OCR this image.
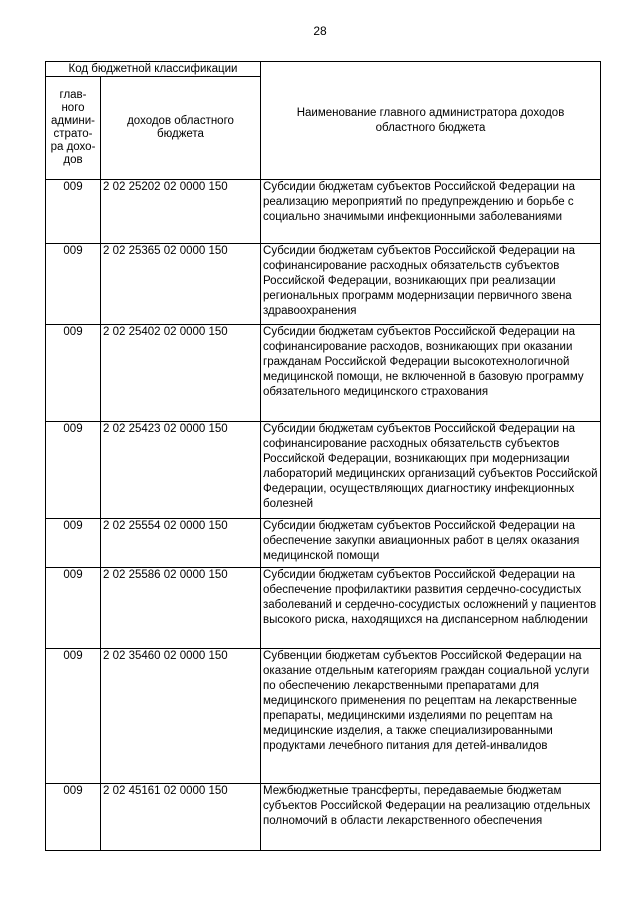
28
Код бюджетной классификации		Наименование главного администратора доходов областного бюджета
глав-ного админи-страто-ра дохо-дов	доходов областного бюджета	
009	2 02 25202 02 0000 150	Субсидии бюджетам субъектов Российской Федерации на реализацию мероприятий по предупреждению и борьбе с социально значимыми инфекционными заболеваниями
009	2 02 25365 02 0000 150	Субсидии бюджетам субъектов Российской Федерации на софинансирование расходных обязательств субъектов Российской Федерации, возникающих при реализации региональных программ модернизации первичного звена здравоохранения
009	2 02 25402 02 0000 150	Субсидии бюджетам субъектов Российской Федерации на софинансирование расходов, возникающих при оказании гражданам Российской Федерации высокотехнологичной медицинской помощи, не включенной в базовую программу обязательного медицинского страхования
009	2 02 25423 02 0000 150	Субсидии бюджетам субъектов Российской Федерации на софинансирование расходных обязательств субъектов Российской Федерации, возникающих при модернизации лабораторий медицинских организаций субъектов Российской Федерации, осуществляющих диагностику инфекционных болезней
009	2 02 25554 02 0000 150	Субсидии бюджетам субъектов Российской Федерации на обеспечение закупки авиационных работ в целях оказания медицинской помощи
009	2 02 25586 02 0000 150	Субсидии бюджетам субъектов Российской Федерации на обеспечение профилактики развития сердечно-сосудистых заболеваний и сердечно-сосудистых осложнений у пациентов высокого риска, находящихся на диспансерном наблюдении
009	2 02 35460 02 0000 150	Субвенции бюджетам субъектов Российской Федерации на оказание отдельным категориям граждан социальной услуги по обеспечению лекарственными препаратами для медицинского применения по рецептам на лекарственные препараты, медицинскими изделиями по рецептам на медицинские изделия, а также специализированными продуктами лечебного питания для детей-инвалидов
009	2 02 45161 02 0000 150	Межбюджетные трансферты, передаваемые бюджетам субъектов Российской Федерации на реализацию отдельных полномочий в области лекарственного обеспечения
